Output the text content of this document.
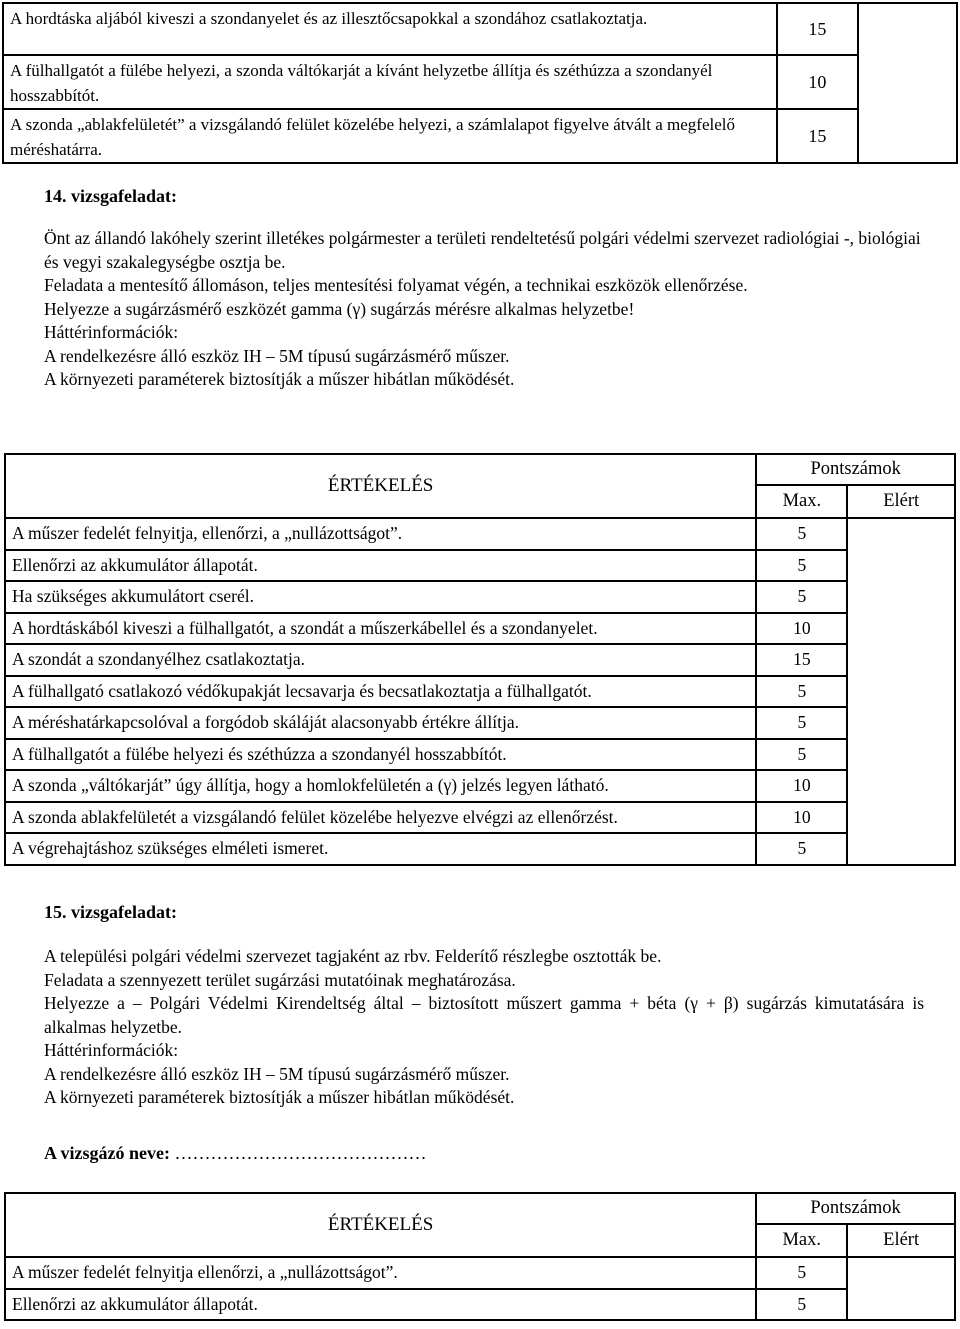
A hordtáska aljából kiveszi a szondanyelet és az illesztőcsapokkal a szondához csatlakoztatja.	15	
A fülhallgatót a fülébe helyezi, a szonda váltókarját a kívánt helyzetbe állítja és széthúzza a szondanyél hosszabbítót.	10	
A szonda „ablakfelületét” a vizsgálandó felület közelébe helyezi, a számlalapot figyelve átvált a megfelelő méréshatárra.	15	
14. vizsgafeladat:
Önt az állandó lakóhely szerint illetékes polgármester a területi rendeltetésű polgári védelmi szervezet radiológiai -, biológiai és vegyi szakalegységbe osztja be.
Feladata a mentesítő állomáson, teljes mentesítési folyamat végén, a technikai eszközök ellenőrzése.
Helyezze a sugárzásmérő eszközét gamma (γ) sugárzás mérésre alkalmas helyzetbe!
Háttérinformációk:
A rendelkezésre álló eszköz IH – 5M típusú sugárzásmérő műszer.
A környezeti paraméterek biztosítják a műszer hibátlan működését.
ÉRTÉKELÉS	Pontszámok	
	Max.	Elért
A műszer fedelét felnyitja, ellenőrzi, a „nullázottságot”.	5	
Ellenőrzi az akkumulátor állapotát.	5	
Ha szükséges akkumulátort cserél.	5	
A hordtáskából kiveszi a fülhallgatót, a szondát a műszerkábellel és a szondanyelet.	10	
A szondát a szondanyélhez csatlakoztatja.	15	
A fülhallgató csatlakozó védőkupakját lecsavarja és becsatlakoztatja a fülhallgatót.	5	
A méréshatárkapcsolóval a forgódob skáláját alacsonyabb értékre állítja.	5	
A fülhallgatót a fülébe helyezi és széthúzza a szondanyél hosszabbítót.	5	
A szonda „váltókarját” úgy állítja, hogy a homlokfelületén a (γ) jelzés legyen látható.	10	
A szonda ablakfelületét a vizsgálandó felület közelébe helyezve elvégzi az ellenőrzést.	10	
A végrehajtáshoz szükséges elméleti ismeret.	5	
15. vizsgafeladat:
A települési polgári védelmi szervezet tagjaként az rbv. Felderítő részlegbe osztották be.
Feladata a szennyezett terület sugárzási mutatóinak meghatározása.
Helyezze a – Polgári Védelmi Kirendeltség által – biztosított műszert gamma + béta (γ + β) sugárzás kimutatására is alkalmas helyzetbe.
Háttérinformációk:
A rendelkezésre álló eszköz IH – 5M típusú sugárzásmérő műszer.
A környezeti paraméterek biztosítják a műszer hibátlan működését.
A vizsgázó neve: ……………………………………
ÉRTÉKELÉS	Pontszámok	
	Max.	Elért
A műszer fedelét felnyitja ellenőrzi, a „nullázottságot”.	5	
Ellenőrzi az akkumulátor állapotát.	5	
